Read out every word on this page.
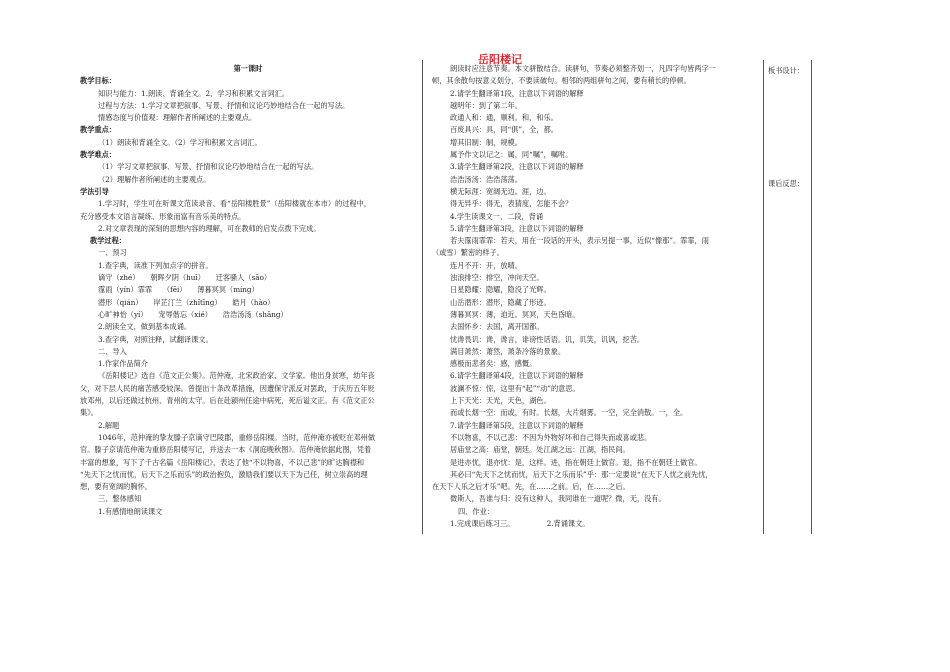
岳阳楼记

第一课时

教学目标：

知识与能力：1.朗读、背诵全文。2、学习和积累文言词汇。

过程与方法：1.学习文章把叙事、写景、抒情和议论巧妙地结合在一起的写法。

情感态度与价值观：理解作者所阐述的主要观点。

教学重点：

（1）朗读和背诵全文。（2）学习和积累文言词汇。

教学难点：

（1）学习文章把叙事、写景、抒情和议论巧妙地结合在一起的写法。

（2）理解作者所阐述的主要观点。

学法引导

1.学习时，学生可在听课文范读录音、看“岳阳楼胜景”（岳阳楼就在本市）的过程中，

充分感受本文语言凝练、形象而富有音乐美的特点。

2.对文章表现的深刻的思想内容的理解，可在教师的启发点拨下完成。

教学过程：

一、预习

1.查字典，读准下列加点字的拼音。

谪守（zhé）　　朝晖夕阴（huī）　　迁客骚人（sāo）

霪雨（yín）霏霏　　（fēi）　　薄暮冥冥（míng）

潜形（qián）　　岸芷汀兰（zhǐtīng）　　皓月（hào）

心旷神怡（yí）　　宠辱偕忘（xié）　　浩浩汤汤（shāng）

2.朗读全文，做到基本成诵。

3.查字典，对照注释，试翻译课文。

二、导入

1.作家作品简介

《岳阳楼记》选自《范文正公集》。范仲淹，北宋政治家、文学家。他出身贫寒，幼年丧

父，对下层人民的痛苦感受较深。曾提出十条改革措施，因遭保守派反对罢政，于庆历五年贬

放邓州，以后还做过杭州、青州的太守。后在赴颍州任途中病死，死后谥文正。有《范文正公

集》。

2.解题

1046年，范仲淹的挚友滕子京谪守巴陵郡，重修岳阳楼。当时，范仲淹亦被贬在邓州做

官。滕子京请范仲淹为重修岳阳楼写记，并送去一本《洞庭晚秋图》。范仲淹依据此图，凭着

丰富的想象，写下了千古名篇《岳阳楼记》，表达了他“不以物喜，不以己悲”的旷达胸襟和

“先天下之忧而忧，后天下之乐而乐”的政治抱负，激励我们要以天下为己任，树立崇高的理

想，要有宽阔的胸怀。

三、整体感知

1.有感情地朗读课文

朗读时应注意节奏。本文骈散结合。读骈句，节奏必须整齐划一，凡四字句皆两字一

顿，其余散句按意义划分，不要读破句。相邻的两组骈句之间，要有稍长的停顿。

2.请学生翻译第1段，注意以下词语的解释

越明年：到了第二年。

政通人和：通，顺利。和，和乐。

百废具兴：具，同“俱”，全，都。

增其旧制：制，规模。

属予作文以记之：属，同“嘱”，嘱咐。

3.请学生翻译第2段，注意以下词语的解释

浩浩汤汤：浩浩荡荡。

横无际涯：宽阔无边。涯，边。

得无异乎：得无，表猜度，怎能不会？

4.学生读课文一、二段，背诵

5.请学生翻译第3段，注意以下词语的解释

若夫霪雨霏霏：若夫，用在一段话的开头，表示另提一事，近似“像那”。霏霏，雨

（或雪）繁密的样子。

连月不开：开，放晴。

浊浪排空：排空，冲向天空。

日星隐耀：隐耀，隐没了光辉。

山岳潜形：潜形，隐藏了形迹。

薄暮冥冥：薄，迫近。冥冥，天色昏暗。

去国怀乡：去国，离开国都。

忧谗畏讥：谗，谗言，诽谤性话语。讥，讥笑，讥讽，挖苦。

满目萧然：萧然，萧条冷落的景象。

感极而悲者矣：感，感慨。

6.请学生翻译第4段，注意以下词语的解释

波澜不惊：惊，这里有“起”“动”的意思。

上下天光：天光，天色，湖色。

而或长烟一空：而或，有时。长烟，大片烟雾。一空，完全消散。一，全。

7.请学生翻译第5段，注意以下词语的解释

不以物喜，不以己悲：不因为外物好坏和自己得失而或喜或悲。

居庙堂之高：庙堂，朝廷。处江湖之远：江湖，指民间。

是进亦忧，退亦忧：是，这样。进，指在朝廷上做官。退，指不在朝廷上做官。

其必曰“先天下之忧而忧，后天下之乐而乐”乎：那一定要说“在天下人忧之前先忧，

在天下人乐之后才乐”吧。先，在……之前。后，在……之后。

微斯人，吾谁与归：没有这种人，我同谁在一道呢？微，无，没有。

四、作业：

1.完成课后练习三。　　　　　2.背诵课文。

板书设计：
课后反思：
